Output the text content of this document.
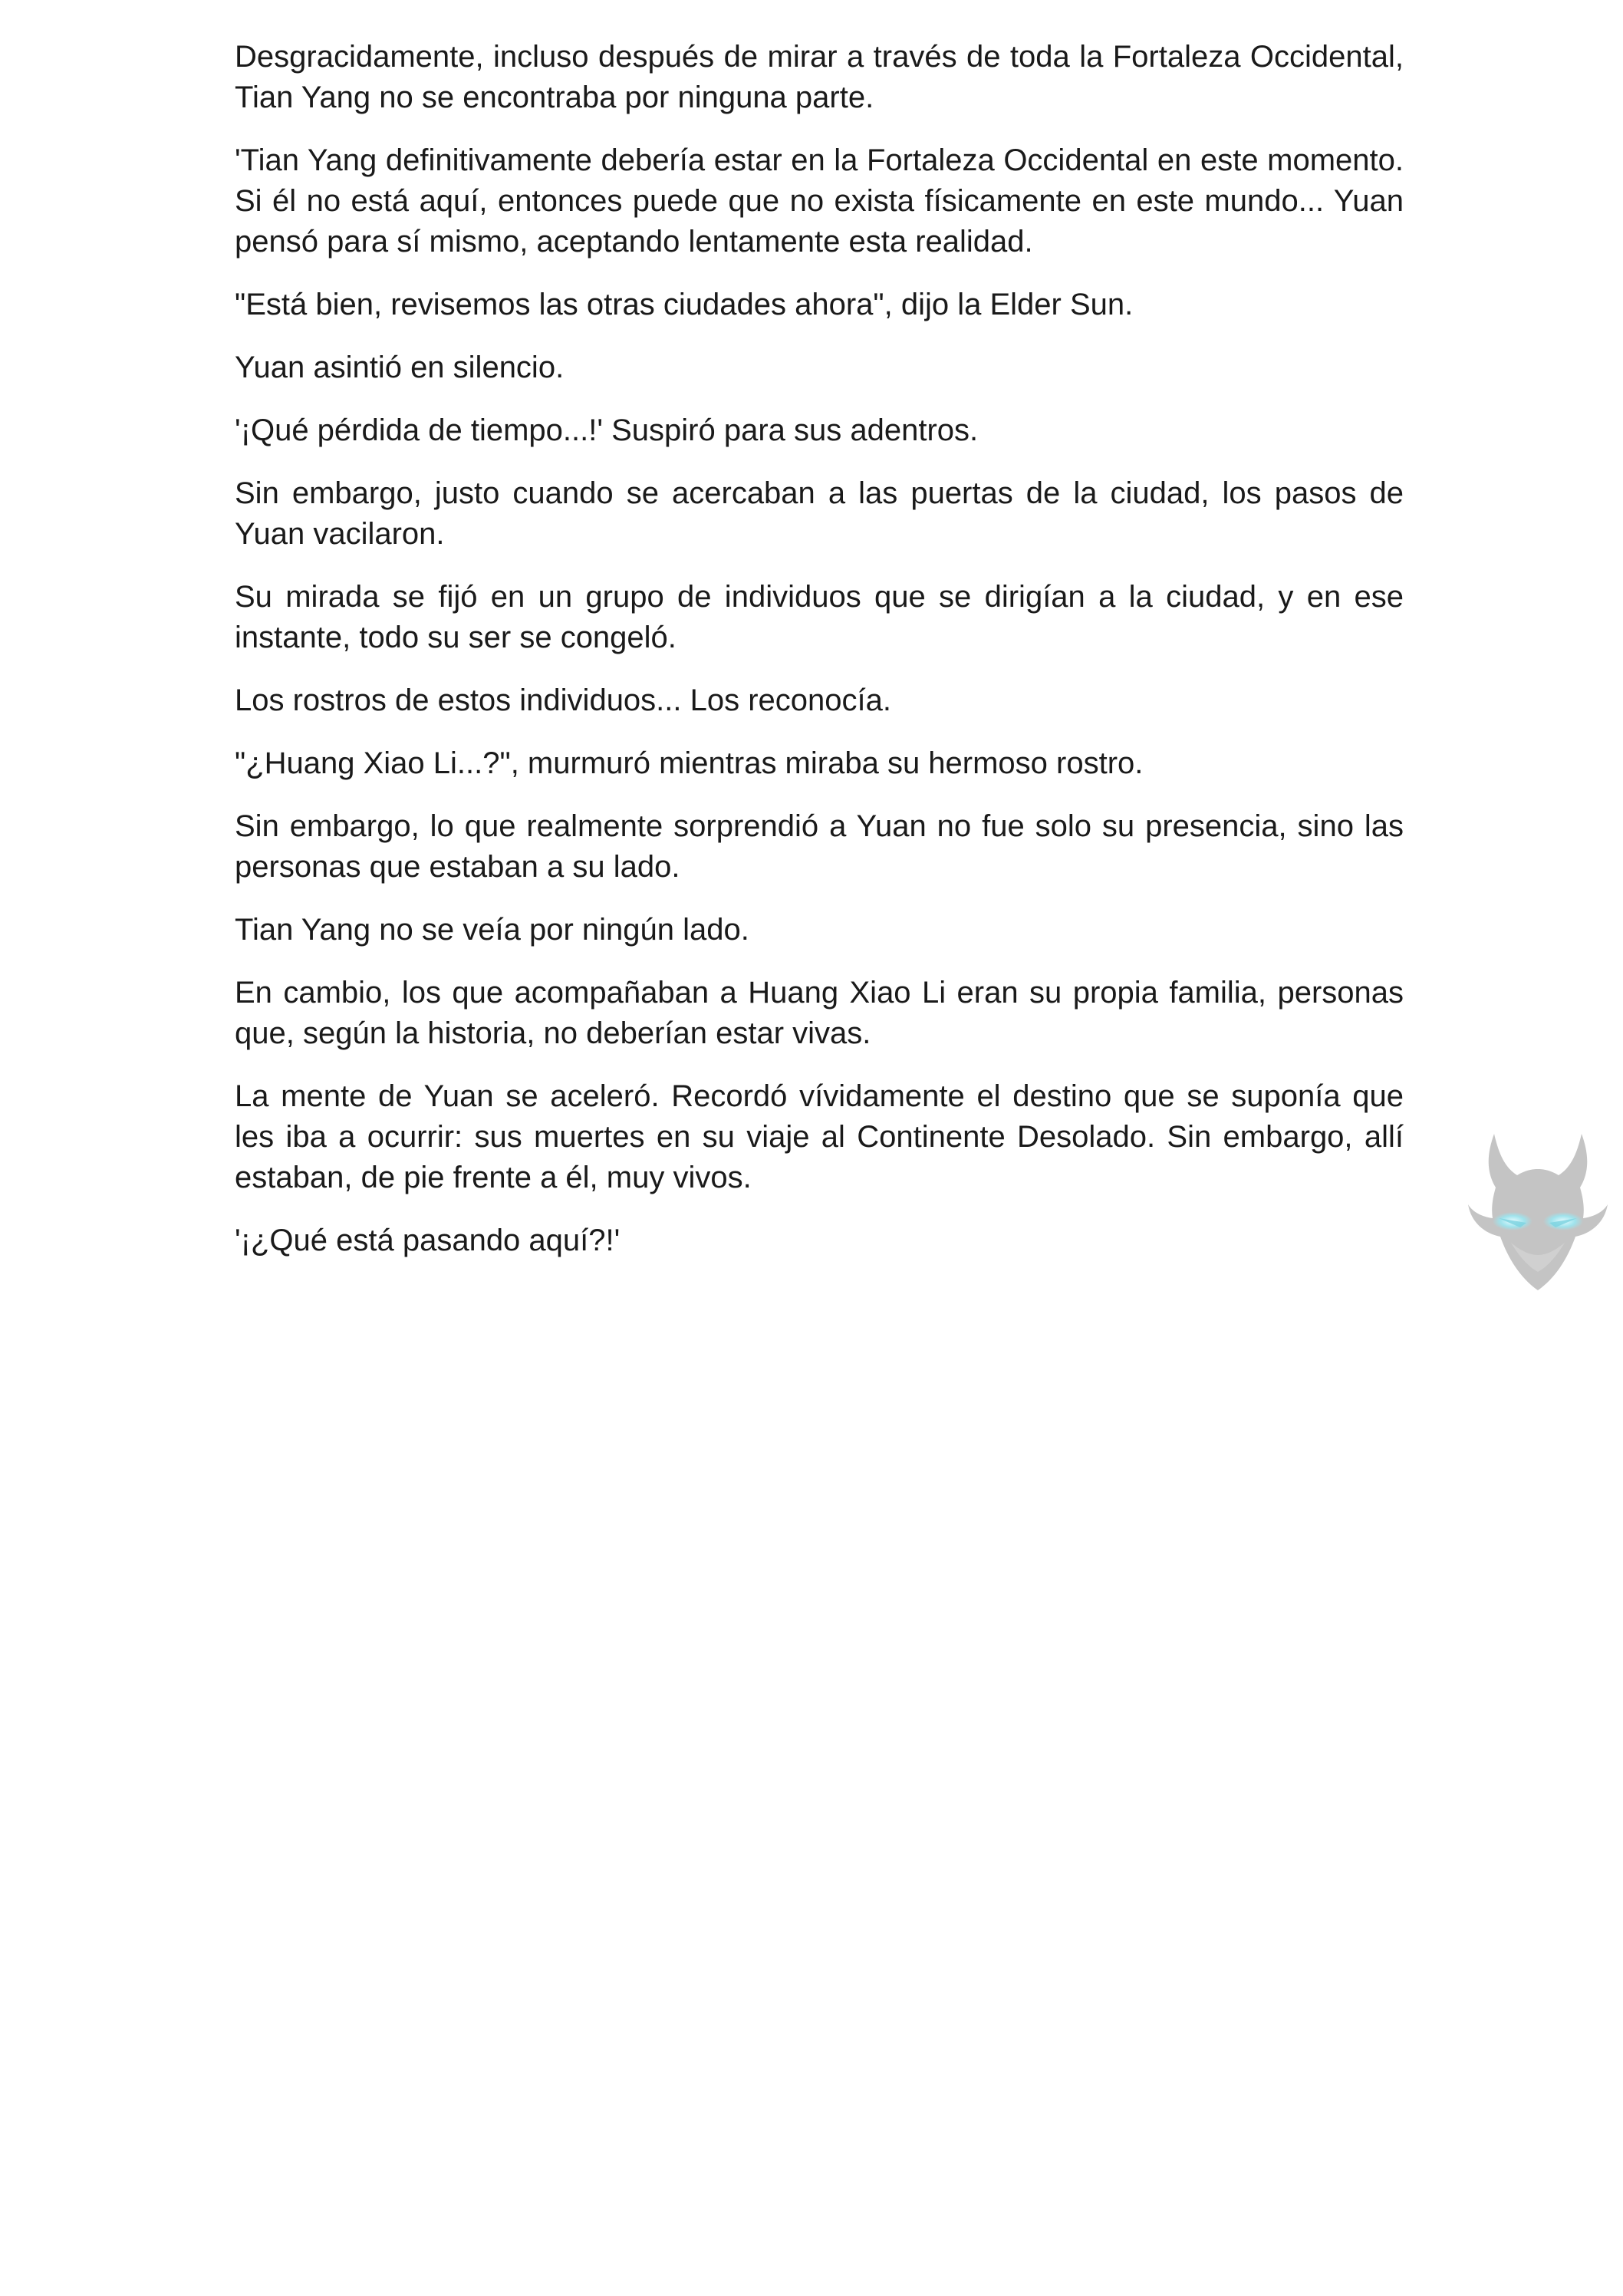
Desgracidamente, incluso después de mirar a través de toda la Fortaleza Occidental, Tian Yang no se encontraba por ninguna parte.

'Tian Yang definitivamente debería estar en la Fortaleza Occidental en este momento. Si él no está aquí, entonces puede que no exista físicamente en este mundo... Yuan pensó para sí mismo, aceptando lentamente esta realidad.

"Está bien, revisemos las otras ciudades ahora", dijo la Elder Sun.

Yuan asintió en silencio.

'¡Qué pérdida de tiempo...!' Suspiró para sus adentros.

Sin embargo, justo cuando se acercaban a las puertas de la ciudad, los pasos de Yuan vacilaron.

Su mirada se fijó en un grupo de individuos que se dirigían a la ciudad, y en ese instante, todo su ser se congeló.

Los rostros de estos individuos... Los reconocía.

"¿Huang Xiao Li...?", murmuró mientras miraba su hermoso rostro.

Sin embargo, lo que realmente sorprendió a Yuan no fue solo su presencia, sino las personas que estaban a su lado.

Tian Yang no se veía por ningún lado.

En cambio, los que acompañaban a Huang Xiao Li eran su propia familia, personas que, según la historia, no deberían estar vivas.

La mente de Yuan se aceleró. Recordó vívidamente el destino que se suponía que les iba a ocurrir: sus muertes en su viaje al Continente Desolado. Sin embargo, allí estaban, de pie frente a él, muy vivos.

'¡¿Qué está pasando aquí?!'
